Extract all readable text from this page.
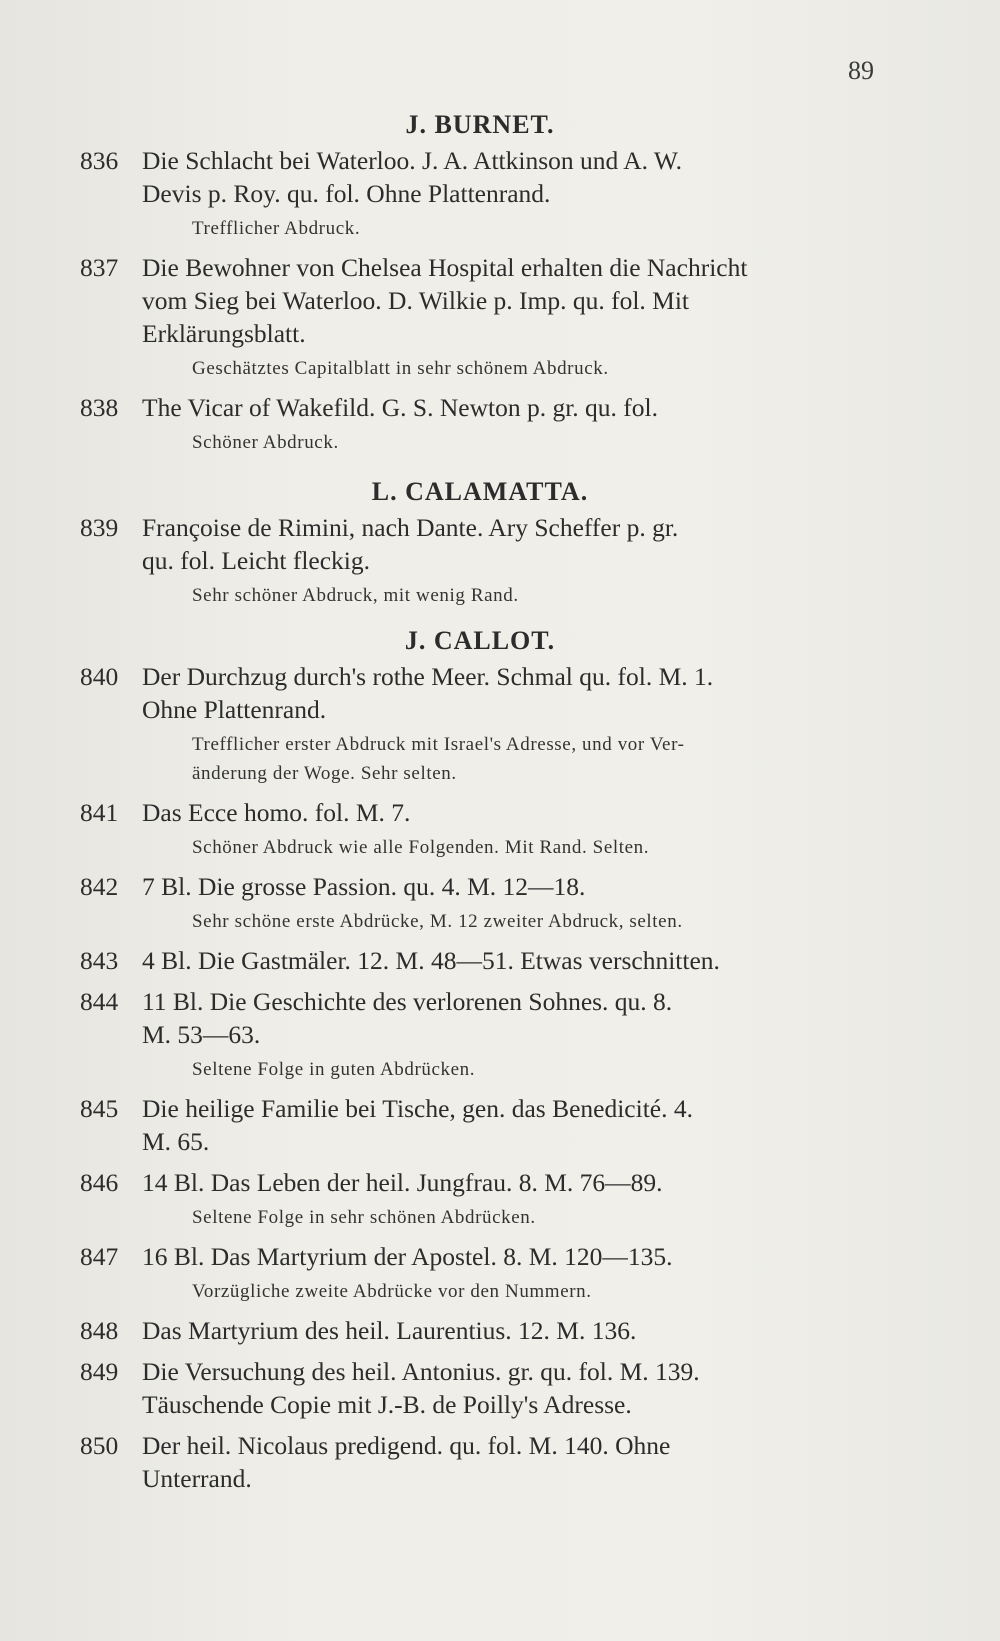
89
J. BURNET.
836 Die Schlacht bei Waterloo. J. A. Attkinson und A. W.
Devis p. Roy. qu. fol. Ohne Plattenrand.
Trefflicher Abdruck.
837 Die Bewohner von Chelsea Hospital erhalten die Nachricht
vom Sieg bei Waterloo. D. Wilkie p. Imp. qu. fol. Mit
Erklärungsblatt.
Geschätztes Capitalblatt in sehr schönem Abdruck.
838 The Vicar of Wakefild. G. S. Newton p. gr. qu. fol.
Schöner Abdruck.
L. CALAMATTA.
839 Françoise de Rimini, nach Dante. Ary Scheffer p. gr.
qu. fol. Leicht fleckig.
Sehr schöner Abdruck, mit wenig Rand.
J. CALLOT.
840 Der Durchzug durch's rothe Meer. Schmal qu. fol. M. 1.
Ohne Plattenrand.
Trefflicher erster Abdruck mit Israel's Adresse, und vor Ver-
änderung der Woge. Sehr selten.
841 Das Ecce homo. fol. M. 7.
Schöner Abdruck wie alle Folgenden. Mit Rand. Selten.
842 7 Bl. Die grosse Passion. qu. 4. M. 12—18.
Sehr schöne erste Abdrücke, M. 12 zweiter Abdruck, selten.
843 4 Bl. Die Gastmäler. 12. M. 48—51. Etwas verschnitten.
844 11 Bl. Die Geschichte des verlorenen Sohnes. qu. 8.
M. 53—63.
Seltene Folge in guten Abdrücken.
845 Die heilige Familie bei Tische, gen. das Benedicité. 4.
M. 65.
846 14 Bl. Das Leben der heil. Jungfrau. 8. M. 76—89.
Seltene Folge in sehr schönen Abdrücken.
847 16 Bl. Das Martyrium der Apostel. 8. M. 120—135.
Vorzügliche zweite Abdrücke vor den Nummern.
848 Das Martyrium des heil. Laurentius. 12. M. 136.
849 Die Versuchung des heil. Antonius. gr. qu. fol. M. 139.
Täuschende Copie mit J.-B. de Poilly's Adresse.
850 Der heil. Nicolaus predigend. qu. fol. M. 140. Ohne
Unterrand.
